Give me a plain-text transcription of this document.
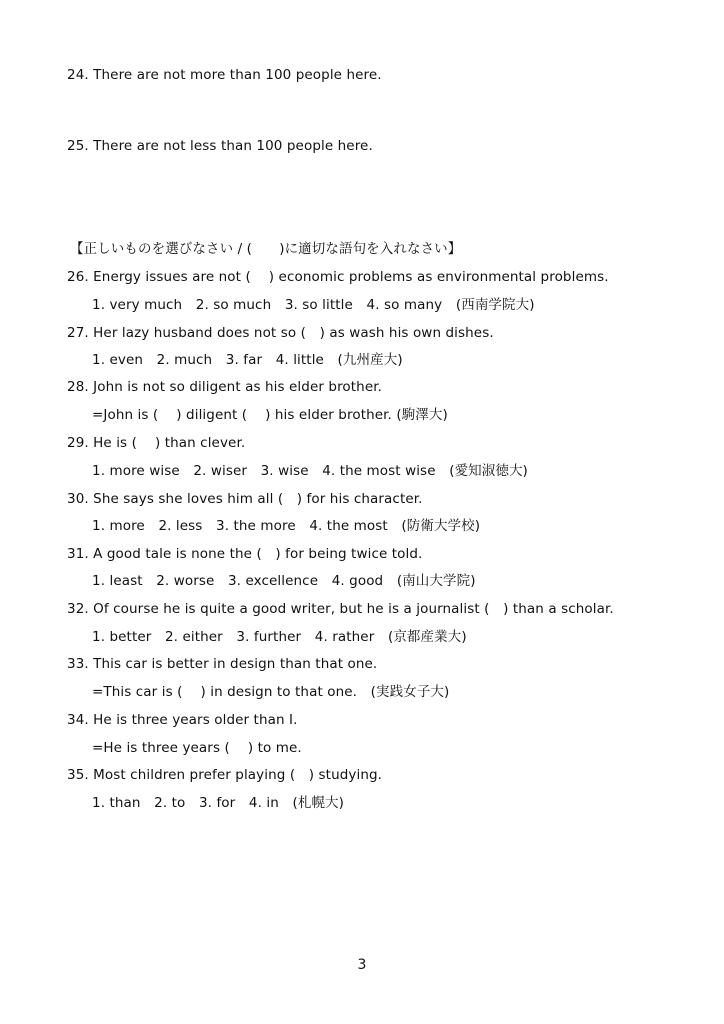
24. There are not more than 100 people here.
25. There are not less than 100 people here.
【正しいものを選びなさい / (　　)に適切な語句を入れなさい】
26. Energy issues are not (　 ) economic problems as environmental problems.
1. very much　2. so much　3. so little　4. so many　(西南学院大)
27. Her lazy husband does not so (　) as wash his own dishes.
1. even　2. much　3. far　4. little　(九州産大)
28. John is not so diligent as his elder brother.
=John is (　 ) diligent (　 ) his elder brother. (駒澤大)
29. He is (　 ) than clever.
1. more wise　2. wiser　3. wise　4. the most wise　(愛知淑徳大)
30. She says she loves him all (　) for his character.
1. more　2. less　3. the more　4. the most　(防衛大学校)
31. A good tale is none the (　) for being twice told.
1. least　2. worse　3. excellence　4. good　(南山大学院)
32. Of course he is quite a good writer, but he is a journalist (　) than a scholar.
1. better　2. either　3. further　4. rather　(京都産業大)
33. This car is better in design than that one.
=This car is (　 ) in design to that one.　(実践女子大)
34. He is three years older than I.
=He is three years (　 ) to me.
35. Most children prefer playing (　) studying.
1. than　2. to　3. for　4. in　(札幌大)
3
